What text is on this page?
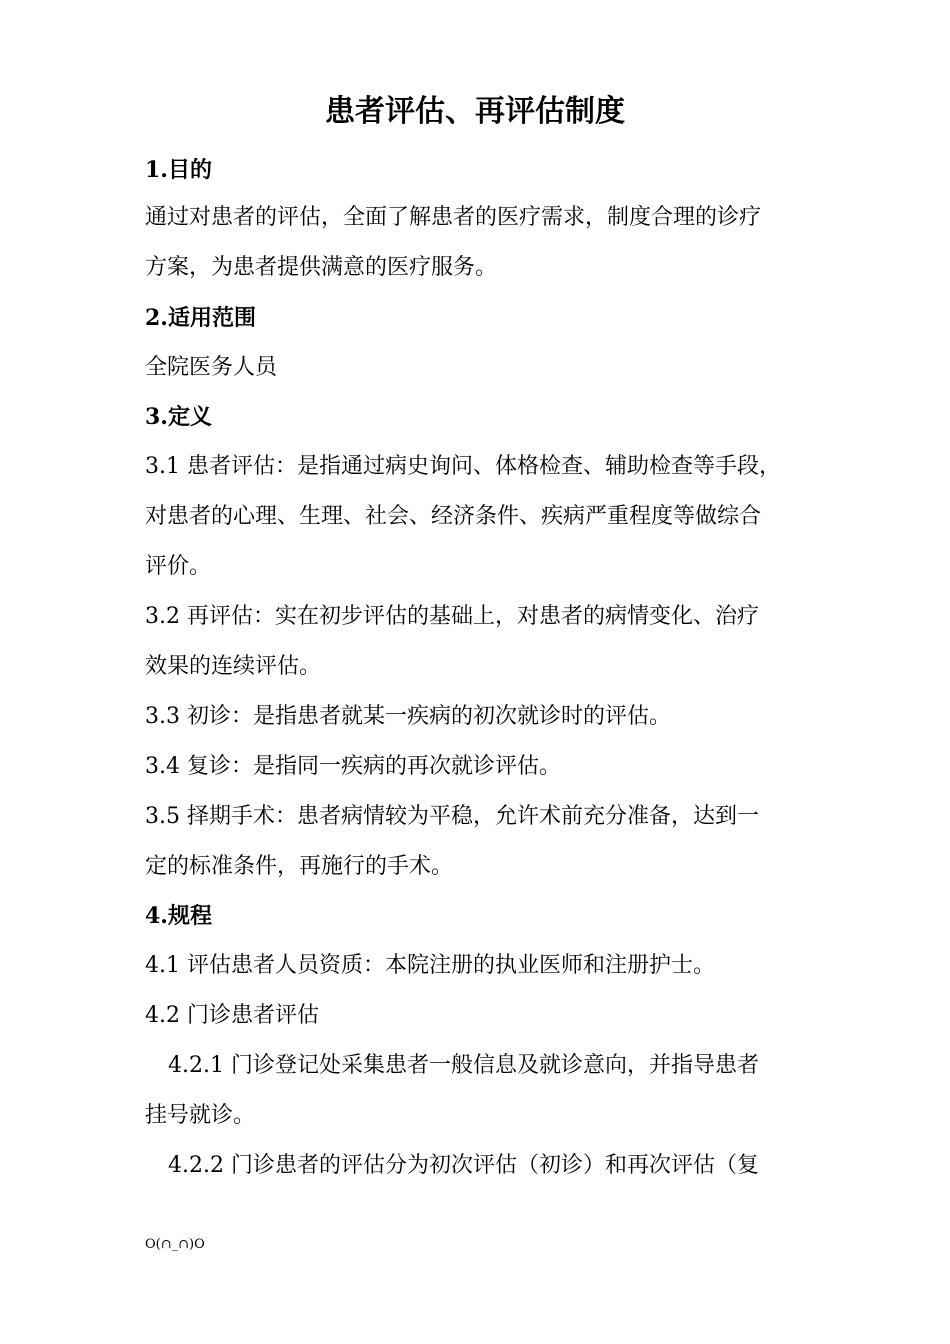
患者评估、再评估制度
1.目的
通过对患者的评估，全面了解患者的医疗需求，制度合理的诊疗
方案，为患者提供满意的医疗服务。
2.适用范围
全院医务人员
3.定义
3.1 患者评估：是指通过病史询问、体格检查、辅助检查等手段，
对患者的心理、生理、社会、经济条件、疾病严重程度等做综合
评价。
3.2 再评估：实在初步评估的基础上，对患者的病情变化、治疗
效果的连续评估。
3.3 初诊：是指患者就某一疾病的初次就诊时的评估。
3.4 复诊：是指同一疾病的再次就诊评估。
3.5 择期手术：患者病情较为平稳，允许术前充分准备，达到一
定的标准条件，再施行的手术。
4.规程
4.1 评估患者人员资质：本院注册的执业医师和注册护士。
4.2 门诊患者评估
4.2.1 门诊登记处采集患者一般信息及就诊意向，并指导患者
挂号就诊。
4.2.2 门诊患者的评估分为初次评估（初诊）和再次评估（复
O(∩_∩)O
